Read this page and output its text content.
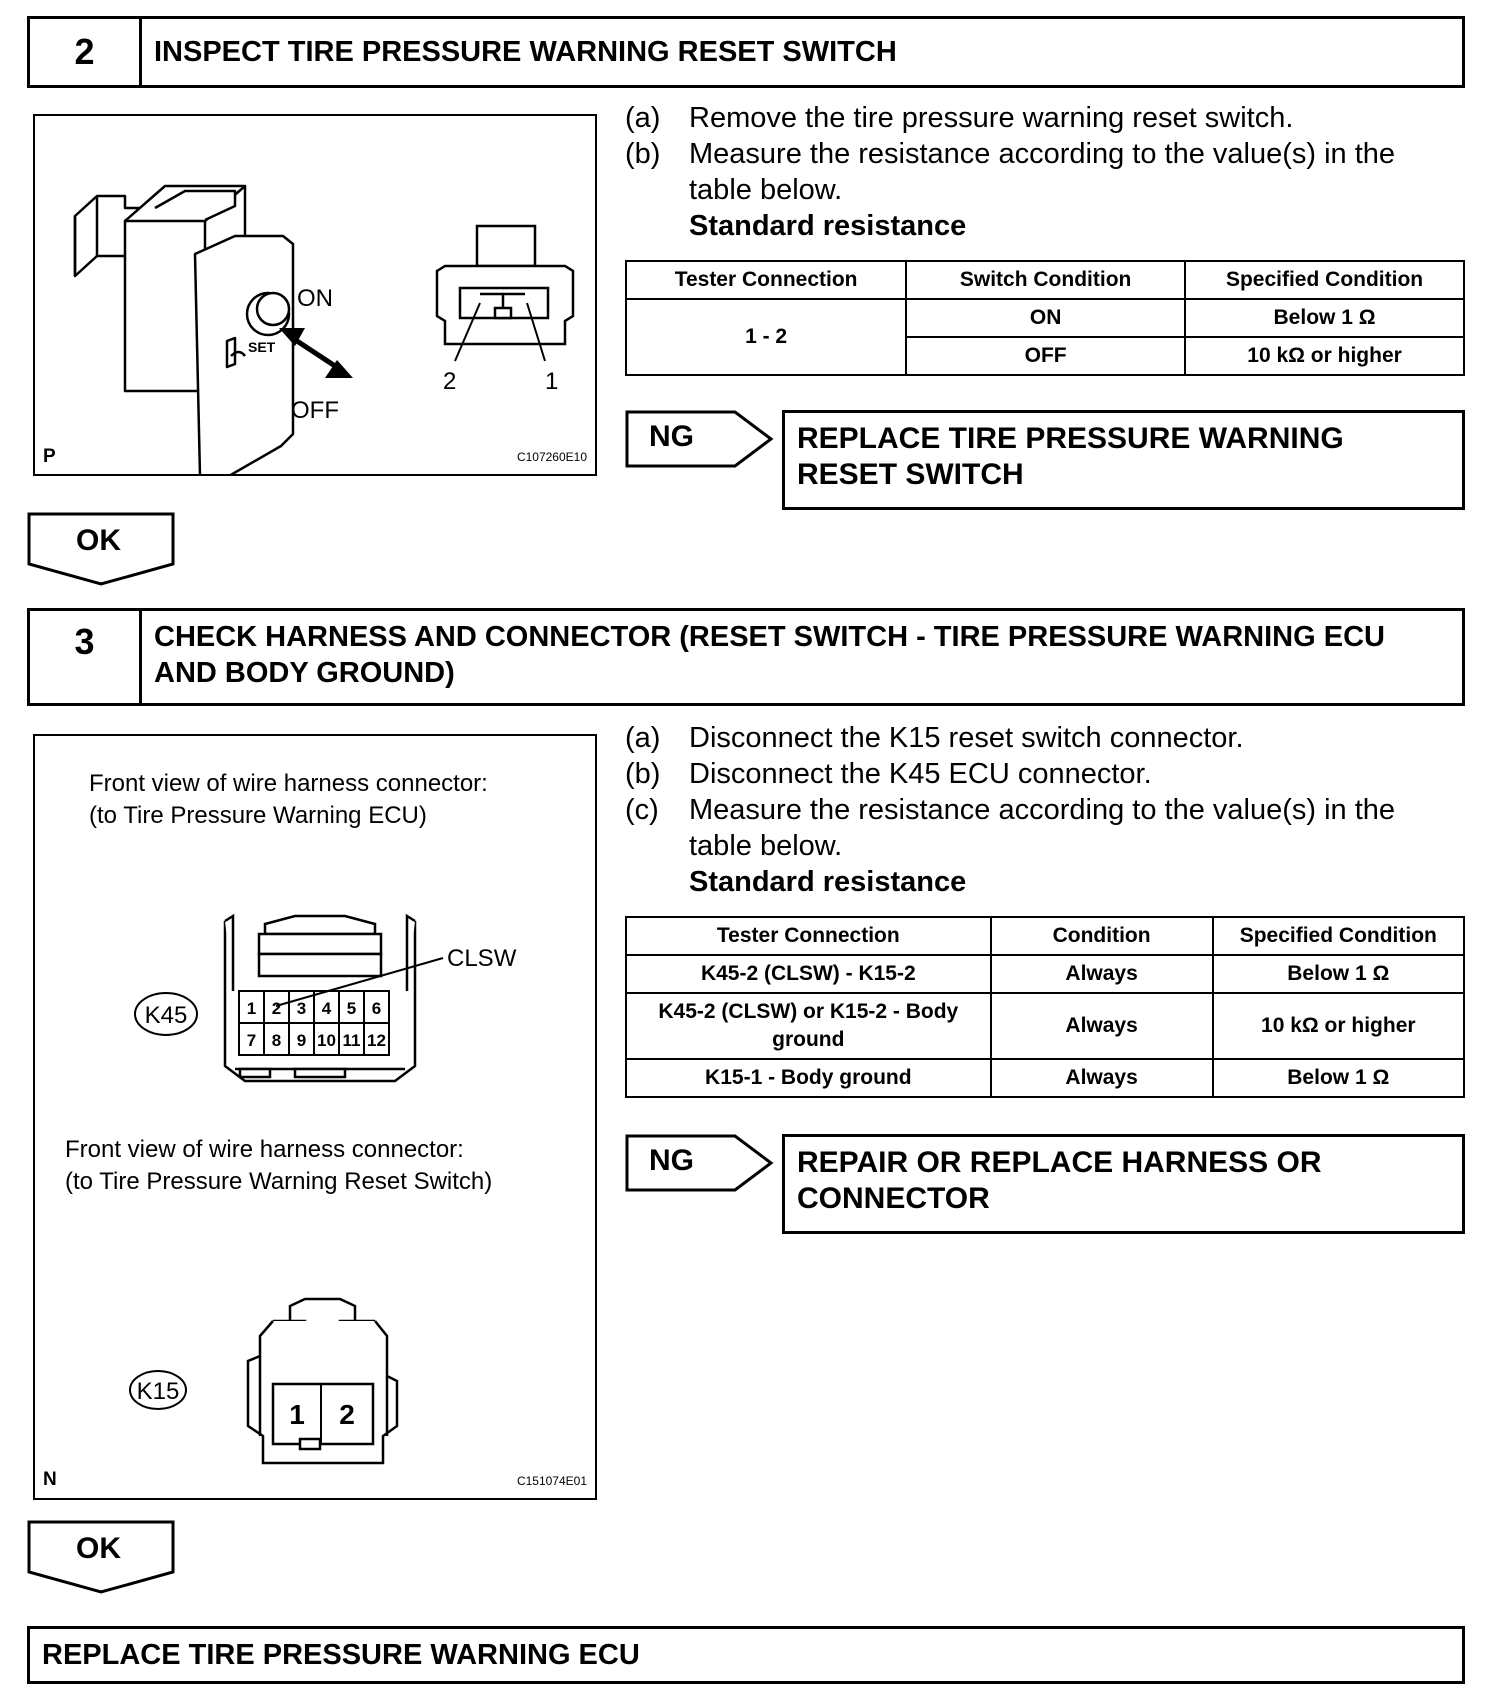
2	INSPECT TIRE PRESSURE WARNING RESET SWITCH
SET
ON
OFF
2	1
P	C107260E10
(a) Remove the tire pressure warning reset switch.
(b) Measure the resistance according to the value(s) in the table below.
Standard resistance
Tester Connection	Switch Condition	Specified Condition
1 - 2	ON	Below 1 Ω
	OFF	10 kΩ or higher
NG	REPLACE TIRE PRESSURE WARNING RESET SWITCH
OK
3	CHECK HARNESS AND CONNECTOR (RESET SWITCH - TIRE PRESSURE WARNING ECU AND BODY GROUND)
Front view of wire harness connector:
(to Tire Pressure Warning ECU)
Front view of wire harness connector:
(to Tire Pressure Warning Reset Switch)
1 2 3 4 5 6
7 8 9 10 11 12
CLSW
K45
1 2
K15
N	C151074E01
(a) Disconnect the K15 reset switch connector.
(b) Disconnect the K45 ECU connector.
(c)	Measure the resistance according to the value(s) in the table below.
Standard resistance
Tester Connection	Condition	Specified Condition
K45-2 (CLSW) - K15-2	Always	Below 1 Ω
K45-2 (CLSW) or K15-2 - Body ground	Always	10 kΩ or higher
K15-1 - Body ground	Always	Below 1 Ω
NG	REPAIR OR REPLACE HARNESS OR CONNECTOR
OK
REPLACE TIRE PRESSURE WARNING ECU
